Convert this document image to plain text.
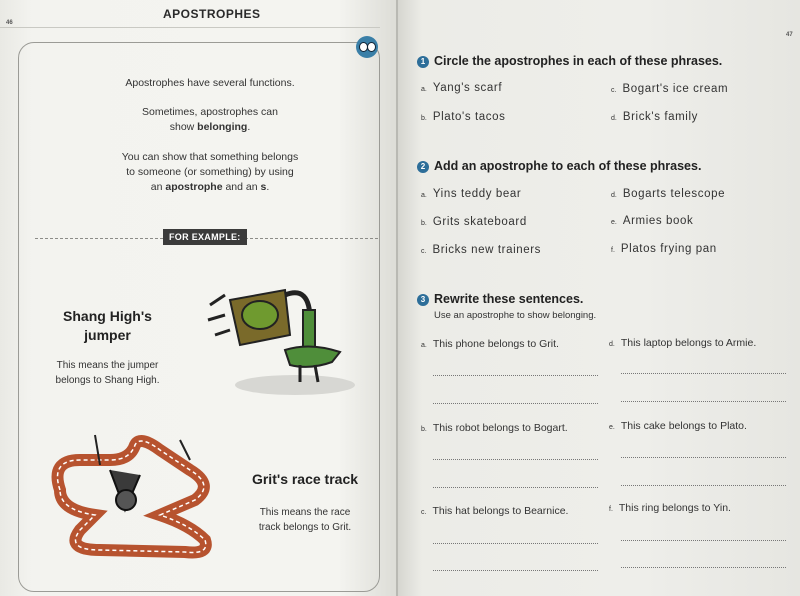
46
APOSTROPHES
Apostrophes have several functions.
Sometimes, apostrophes can
show belonging.
You can show that something belongs
to someone (or something) by using
an apostrophe and an s.
FOR EXAMPLE:
Shang High's
jumper
This means the jumper
belongs to Shang High.
Grit's race track
This means the race
track belongs to Grit.
47
1 Circle the apostrophes in each of these phrases.
a. Yang's scarf	c. Bogart's ice cream
b. Plato's tacos	d. Brick's family
2 Add an apostrophe to each of these phrases.
a. Yins teddy bear	d. Bogarts telescope
b. Grits skateboard	e. Armies book
c. Bricks new trainers	f. Platos frying pan
3 Rewrite these sentences.
Use an apostrophe to show belonging.
a. This phone belongs to Grit.	d. This laptop belongs to Armie.
b. This robot belongs to Bogart.	e. This cake belongs to Plato.
c. This hat belongs to Bearnice.	f. This ring belongs to Yin.
